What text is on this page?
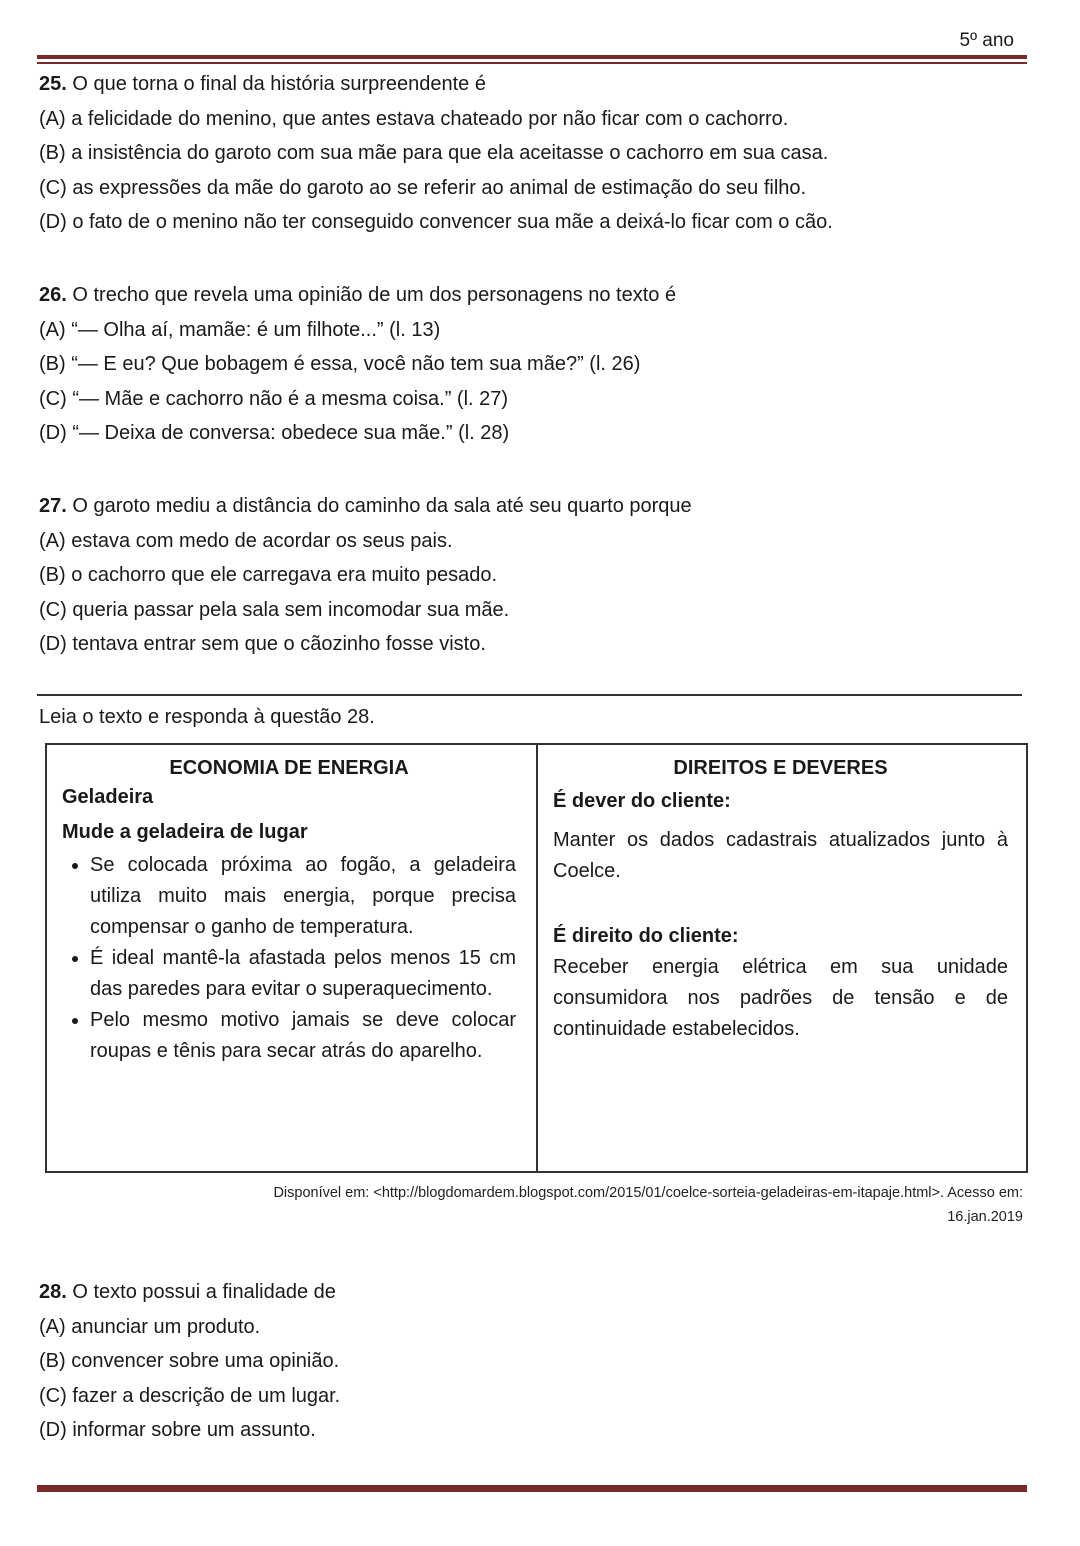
5º ano
25. O que torna o final da história surpreendente é
(A) a felicidade do menino, que antes estava chateado por não ficar com o cachorro.
(B) a insistência do garoto com sua mãe para que ela aceitasse o cachorro em sua casa.
(C) as expressões da mãe do garoto ao se referir ao animal de estimação do seu filho.
(D) o fato de o menino não ter conseguido convencer sua mãe a deixá-lo ficar com o cão.
26. O trecho que revela uma opinião de um dos personagens no texto é
(A) “— Olha aí, mamãe: é um filhote...” (l. 13)
(B) “— E eu? Que bobagem é essa, você não tem sua mãe?” (l. 26)
(C) “— Mãe e cachorro não é a mesma coisa.” (l. 27)
(D) “— Deixa de conversa: obedece sua mãe.” (l. 28)
27. O garoto mediu a distância do caminho da sala até seu quarto porque
(A) estava com medo de acordar os seus pais.
(B) o cachorro que ele carregava era muito pesado.
(C) queria passar pela sala sem incomodar sua mãe.
(D) tentava entrar sem que o cãozinho fosse visto.
Leia o texto e responda à questão 28.
ECONOMIA DE ENERGIA
Geladeira
Mude a geladeira de lugar
• Se colocada próxima ao fogão, a geladeira utiliza muito mais energia, porque precisa compensar o ganho de temperatura.
• É ideal mantê-la afastada pelos menos 15 cm das paredes para evitar o superaquecimento.
• Pelo mesmo motivo jamais se deve colocar roupas e tênis para secar atrás do aparelho.
DIREITOS E DEVERES
É dever do cliente:
Manter os dados cadastrais atualizados junto à Coelce.
É direito do cliente:
Receber energia elétrica em sua unidade consumidora nos padrões de tensão e de continuidade estabelecidos.
Disponível em: <http://blogdomardem.blogspot.com/2015/01/coelce-sorteia-geladeiras-em-itapaje.html>. Acesso em:
16.jan.2019
28. O texto possui a finalidade de
(A) anunciar um produto.
(B) convencer sobre uma opinião.
(C) fazer a descrição de um lugar.
(D) informar sobre um assunto.
